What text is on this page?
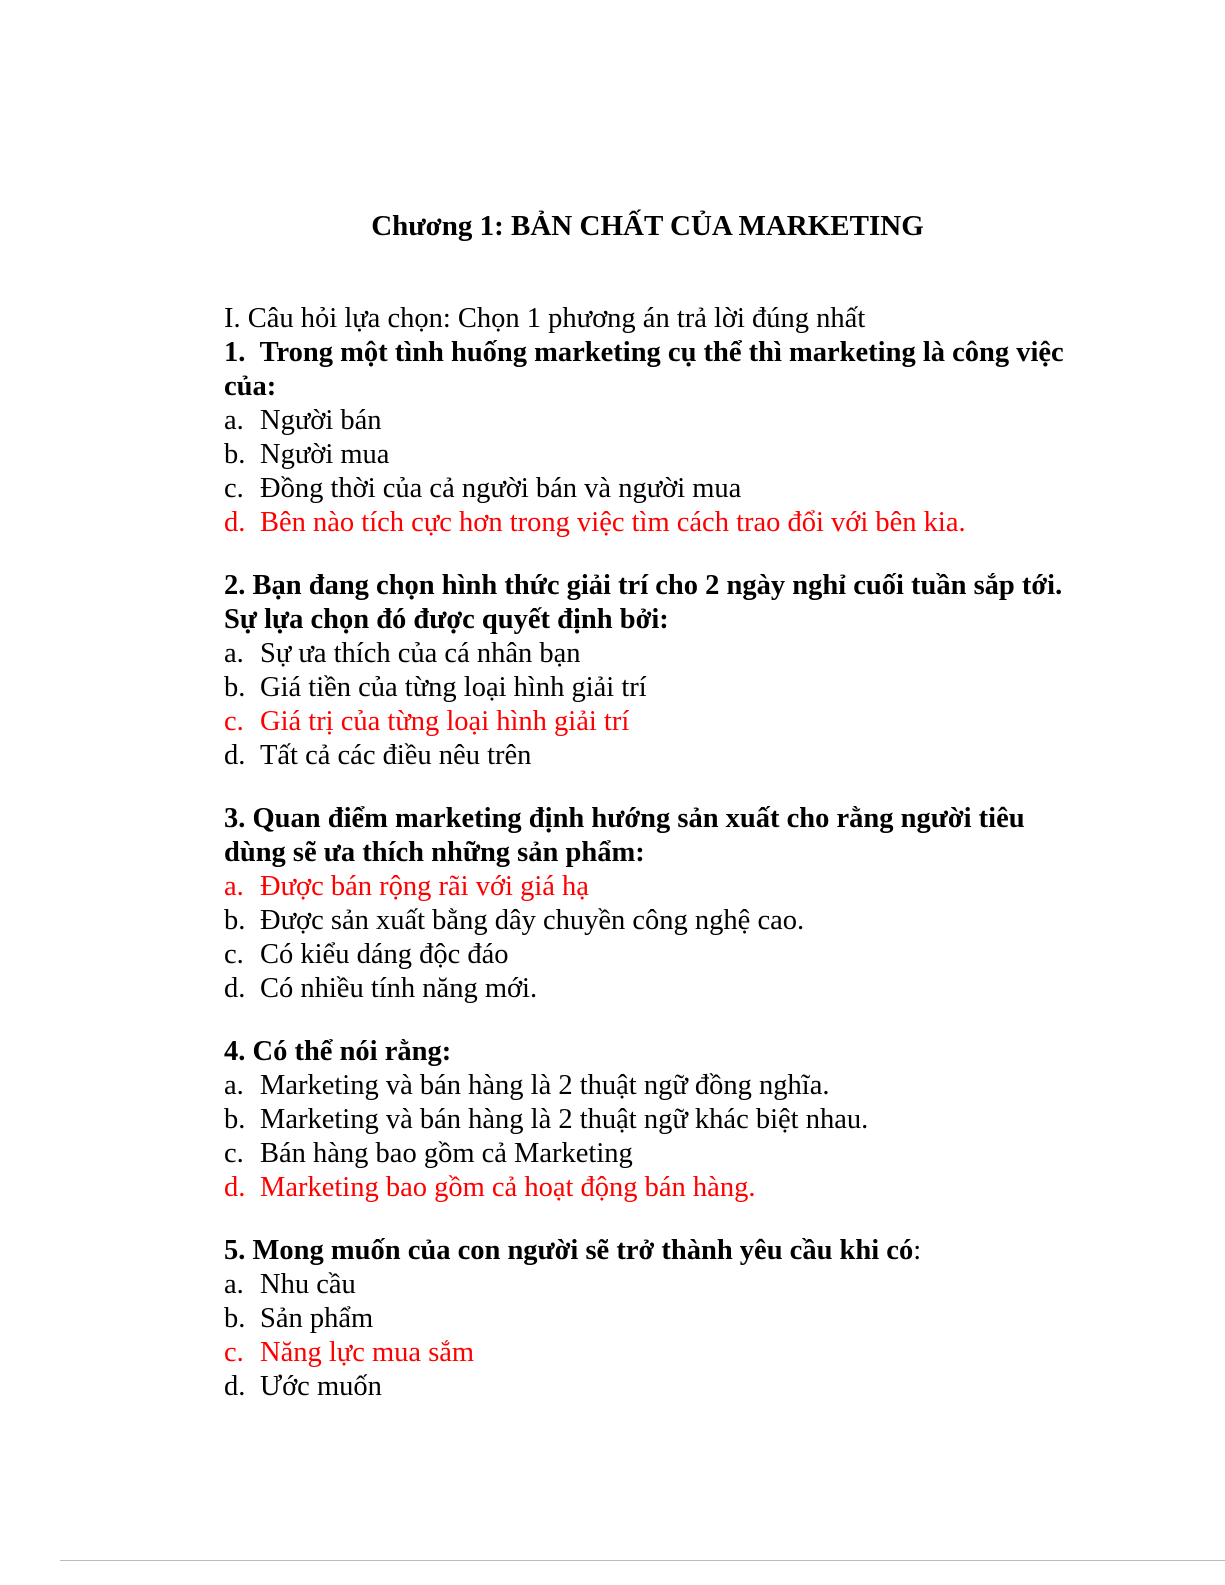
Chương 1: BẢN CHẤT CỦA MARKETING

I. Câu hỏi lựa chọn: Chọn 1 phương án trả lời đúng nhất

1. Trong một tình huống marketing cụ thể thì marketing là công việc của:

a. Người bán
b. Người mua
c. Đồng thời của cả người bán và người mua
d. Bên nào tích cực hơn trong việc tìm cách trao đổi với bên kia.

2. Bạn đang chọn hình thức giải trí cho 2 ngày nghỉ cuối tuần sắp tới. Sự lựa chọn đó được quyết định bởi:

a. Sự ưa thích của cá nhân bạn
b. Giá tiền của từng loại hình giải trí
c. Giá trị của từng loại hình giải trí
d. Tất cả các điều nêu trên

3. Quan điểm marketing định hướng sản xuất cho rằng người tiêu dùng sẽ ưa thích những sản phẩm:

a. Được bán rộng rãi với giá hạ
b. Được sản xuất bằng dây chuyền công nghệ cao.
c. Có kiểu dáng độc đáo
d. Có nhiều tính năng mới.

4. Có thể nói rằng:

a. Marketing và bán hàng là 2 thuật ngữ đồng nghĩa.
b. Marketing và bán hàng là 2 thuật ngữ khác biệt nhau.
c. Bán hàng bao gồm cả Marketing
d. Marketing bao gồm cả hoạt động bán hàng.

5. Mong muốn của con người sẽ trở thành yêu cầu khi có:

a. Nhu cầu
b. Sản phẩm
c. Năng lực mua sắm
d. Ước muốn
